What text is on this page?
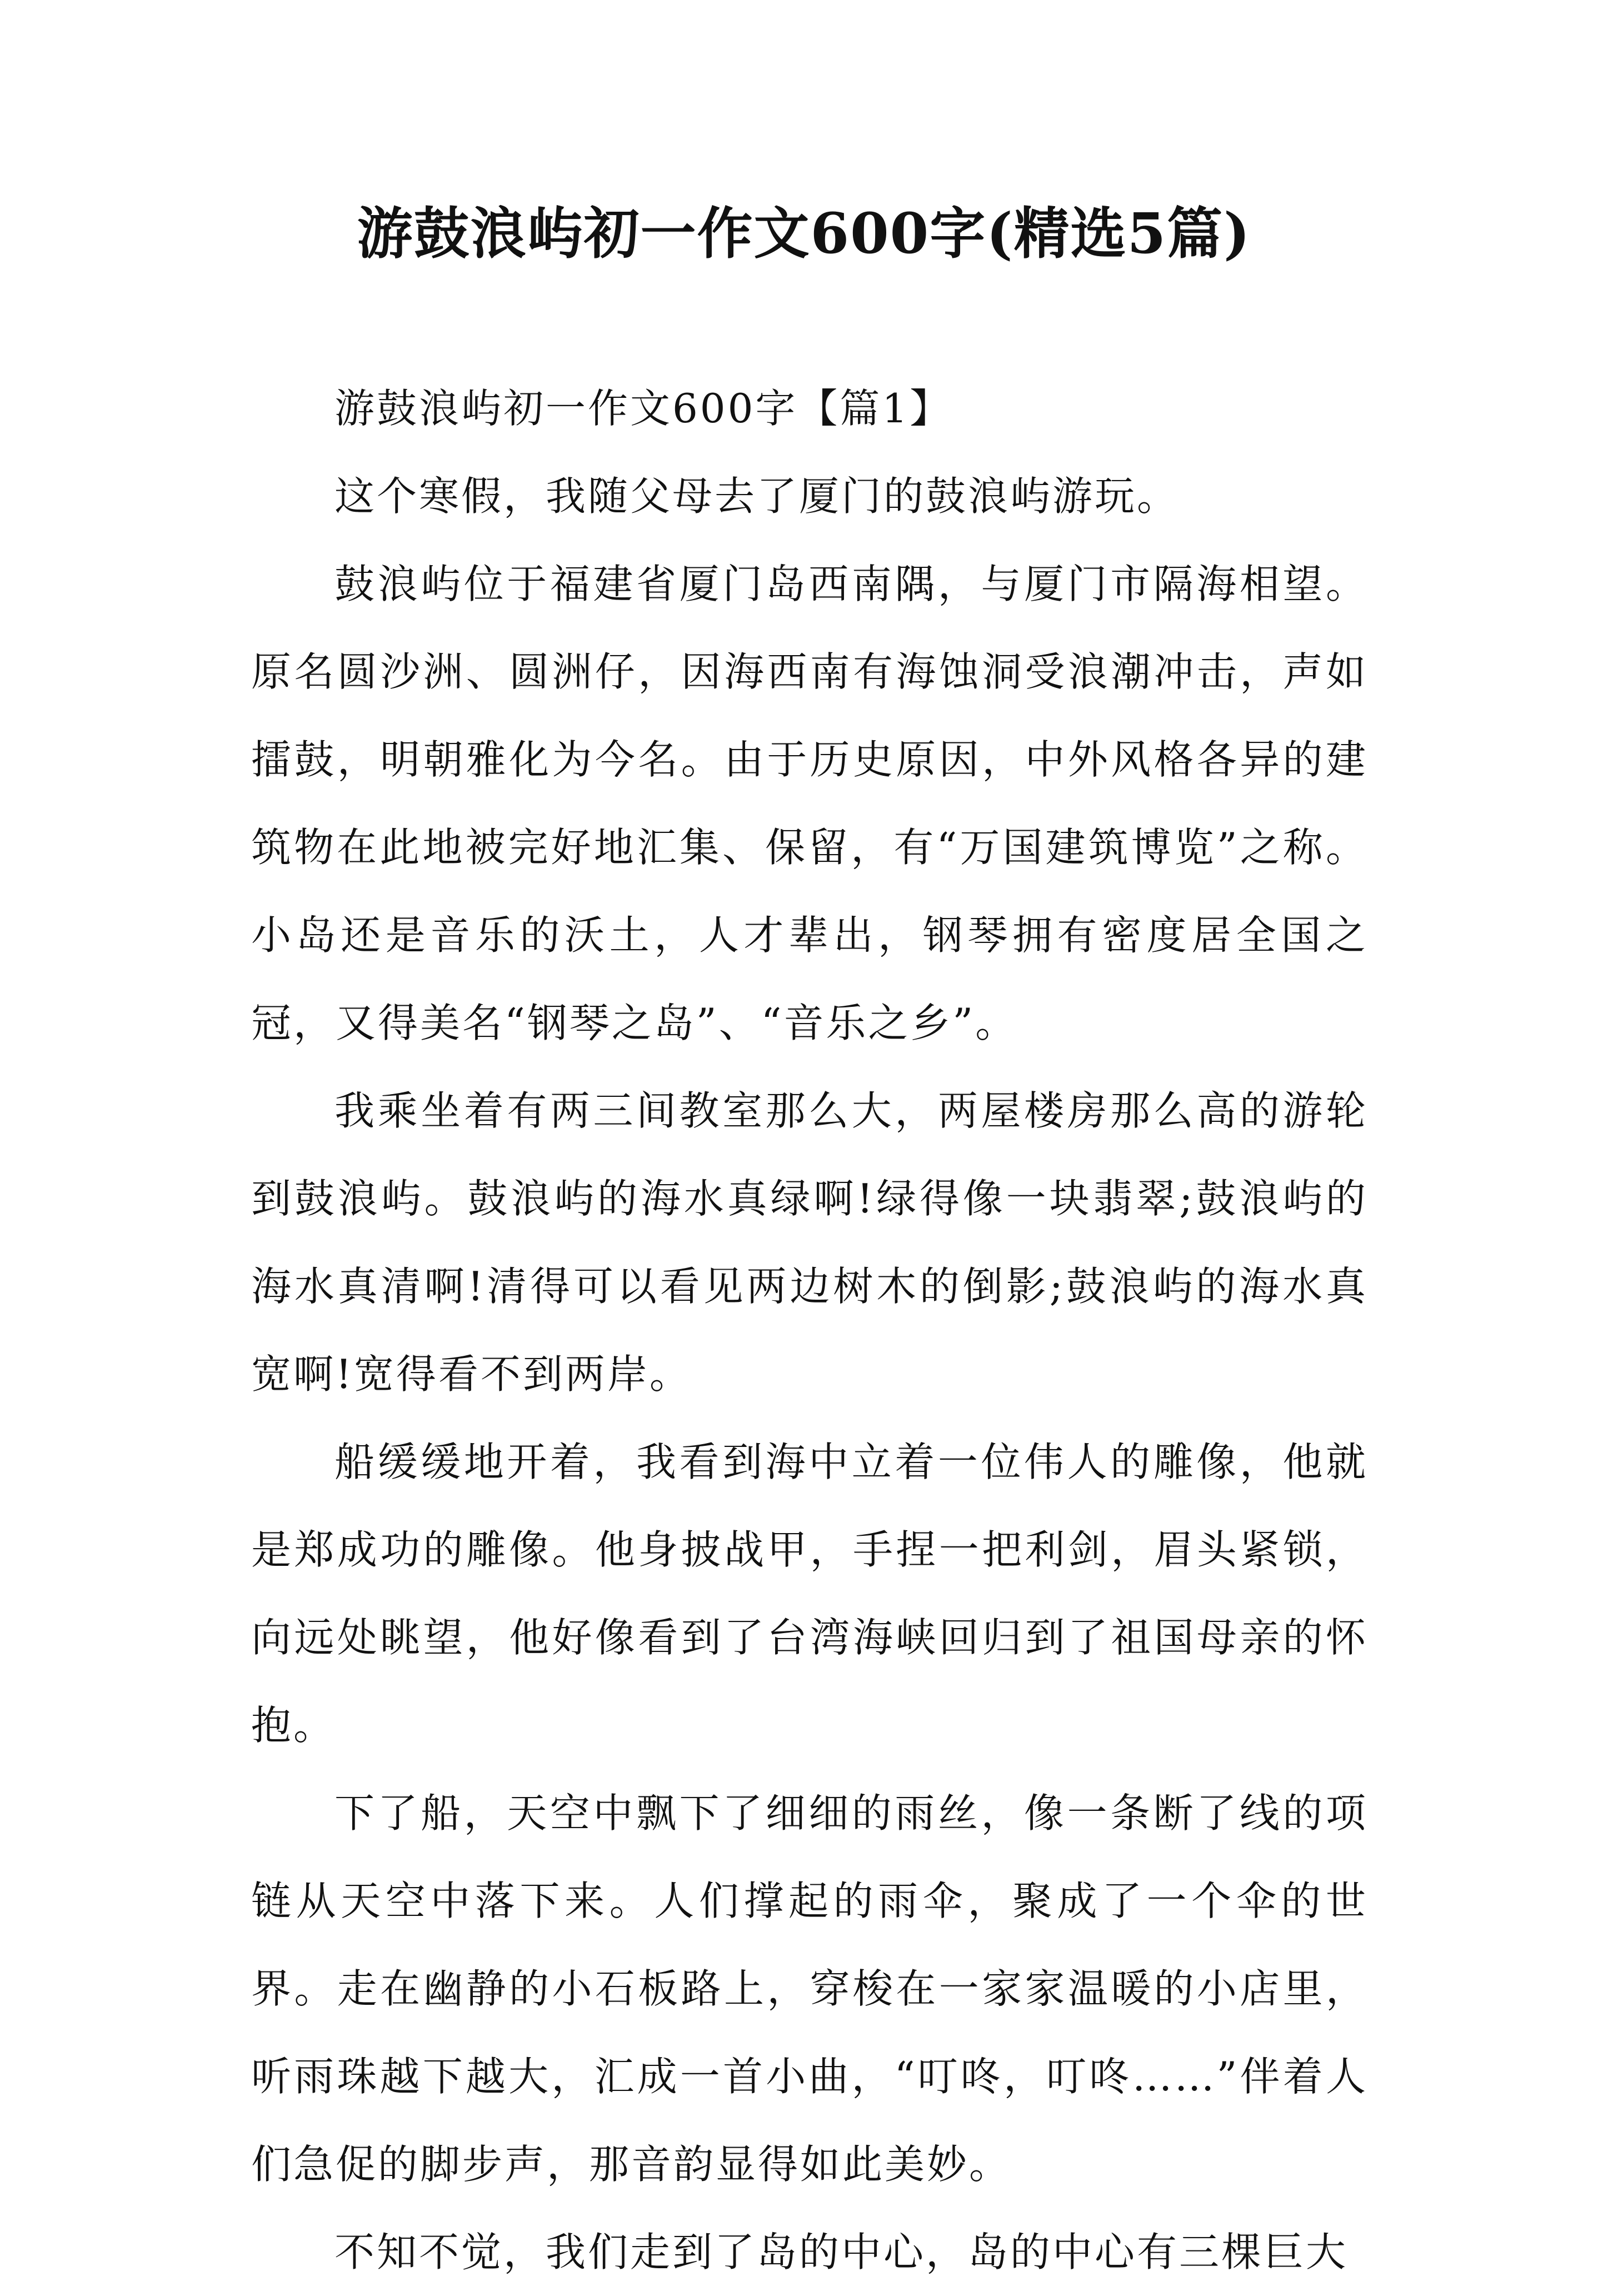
游鼓浪屿初一作文600字(精选5篇)
游鼓浪屿初一作文600字【篇1】

这个寒假，我随父母去了厦门的鼓浪屿游玩。

鼓浪屿位于福建省厦门岛西南隅，与厦门市隔海相望。原名圆沙洲、圆洲仔，因海西南有海蚀洞受浪潮冲击，声如擂鼓，明朝雅化为今名。由于历史原因，中外风格各异的建筑物在此地被完好地汇集、保留，有“万国建筑博览”之称。小岛还是音乐的沃土，人才辈出，钢琴拥有密度居全国之冠，又得美名“钢琴之岛”、“音乐之乡”。

我乘坐着有两三间教室那么大，两屋楼房那么高的游轮到鼓浪屿。鼓浪屿的海水真绿啊!绿得像一块翡翠;鼓浪屿的海水真清啊!清得可以看见两边树木的倒影;鼓浪屿的海水真宽啊!宽得看不到两岸。

船缓缓地开着，我看到海中立着一位伟人的雕像，他就是郑成功的雕像。他身披战甲，手捏一把利剑，眉头紧锁，向远处眺望，他好像看到了台湾海峡回归到了祖国母亲的怀抱。

下了船，天空中飘下了细细的雨丝，像一条断了线的项链从天空中落下来。人们撑起的雨伞，聚成了一个伞的世界。走在幽静的小石板路上，穿梭在一家家温暖的小店里，听雨珠越下越大，汇成一首小曲，“叮咚，叮咚……”伴着人们急促的脚步声，那音韵显得如此美妙。

不知不觉，我们走到了岛的中心，岛的中心有三棵巨大
